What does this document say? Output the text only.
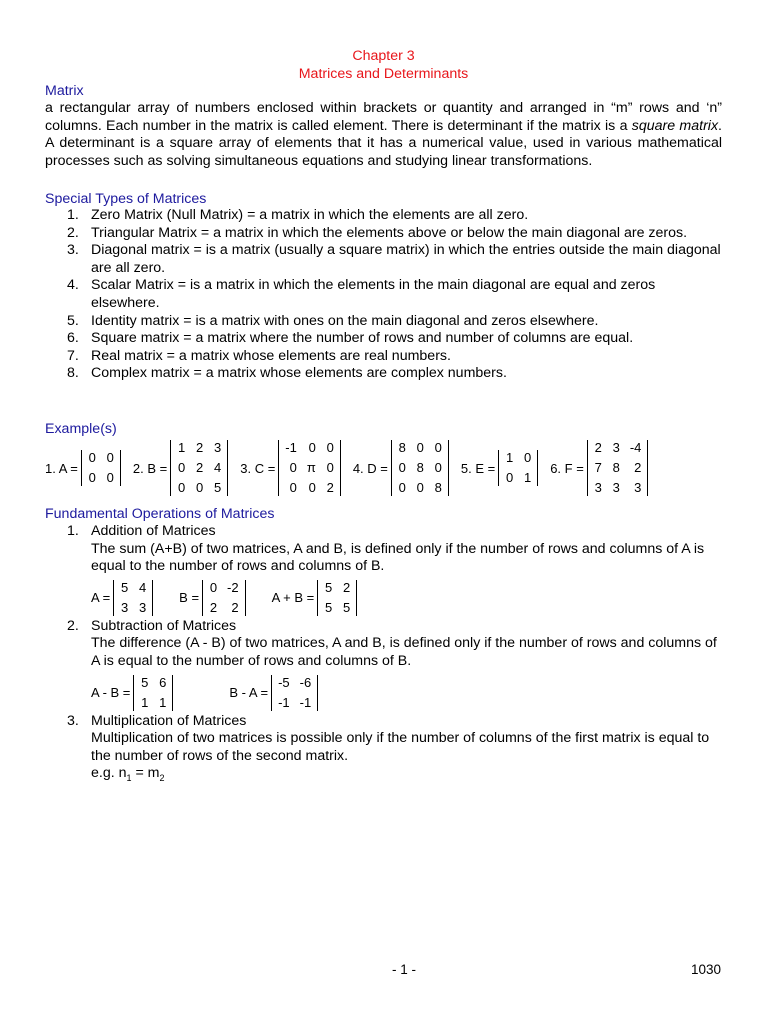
Chapter 3
Matrices and Determinants
Matrix
a rectangular array of numbers enclosed within brackets or quantity and arranged in “m” rows and ‘n” columns. Each number in the matrix is called element. There is determinant if the matrix is a square matrix. A determinant is a square array of elements that it has a numerical value, used in various mathematical processes such as solving simultaneous equations and studying linear transformations.
Special Types of Matrices
1. Zero Matrix (Null Matrix) = a matrix in which the elements are all zero.
2. Triangular Matrix = a matrix in which the elements above or below the main diagonal are zeros.
3. Diagonal matrix = is a matrix (usually a square matrix) in which the entries outside the main diagonal are all zero.
4. Scalar Matrix = is a matrix in which the elements in the main diagonal are equal and zeros elsewhere.
5. Identity matrix = is a matrix with ones on the main diagonal and zeros elsewhere.
6. Square matrix = a matrix where the number of rows and number of columns are equal.
7. Real matrix = a matrix whose elements are real numbers.
8. Complex matrix = a matrix whose elements are complex numbers.
Example(s)
1. A =
0 0
0 0
2. B =
1 2 3
0 2 4
0 0 5
3. C =
-1 0 0
0 π 0
0 0 2
4. D =
8 0 0
0 8 0
0 0 8
5. E =
1 0
0 1
6. F =
2 3 -4
7 8	2
3 3	3
Fundamental Operations of Matrices
1. Addition of Matrices
The sum (A+B) of two matrices, A and B, is defined only if the number of rows and columns of A is equal to the number of rows and columns of B.
A =
5 4
3 3
B =
0 -2
2	2
A + B =
5 2
5 5
2. Subtraction of Matrices
The difference (A - B) of two matrices, A and B, is defined only if the number of rows and columns of A is equal to the number of rows and columns of B.
A - B =
5 6
1 1
B - A =
-5 -6
-1 -1
3. Multiplication of Matrices
Multiplication of two matrices is possible only if the number of columns of the first matrix is equal to the number of rows of the second matrix.
e.g. $n_1 = m_2$
- 1 -	1030
